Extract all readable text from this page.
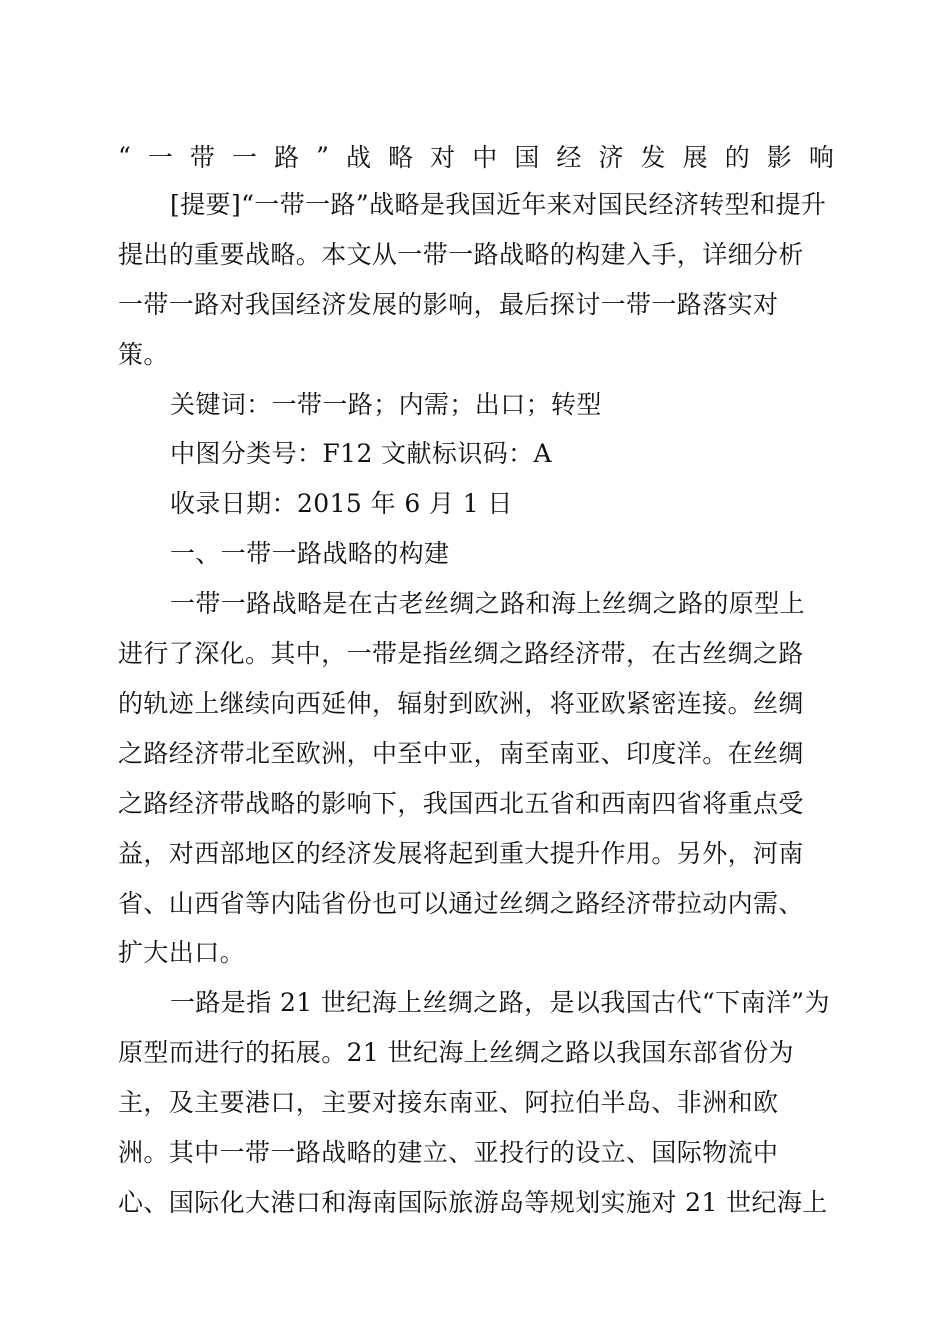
“ 一 带 一 路 ” 战 略 对 中 国 经 济 发 展 的 影 响

[提要]“一带一路”战略是我国近年来对国民经济转型和提升

提出的重要战略。本文从一带一路战略的构建入手，详细分析

一带一路对我国经济发展的影响，最后探讨一带一路落实对

策。

关键词：一带一路；内需；出口；转型

中图分类号：F12 文献标识码：A

收录日期：2015 年 6 月 1 日

一、一带一路战略的构建

一带一路战略是在古老丝绸之路和海上丝绸之路的原型上

进行了深化。其中，一带是指丝绸之路经济带，在古丝绸之路

的轨迹上继续向西延伸，辐射到欧洲，将亚欧紧密连接。丝绸

之路经济带北至欧洲，中至中亚，南至南亚、印度洋。在丝绸

之路经济带战略的影响下，我国西北五省和西南四省将重点受

益，对西部地区的经济发展将起到重大提升作用。另外，河南

省、山西省等内陆省份也可以通过丝绸之路经济带拉动内需、

扩大出口。

一路是指 21 世纪海上丝绸之路，是以我国古代“下南洋”为

原型而进行的拓展。21 世纪海上丝绸之路以我国东部省份为

主，及主要港口，主要对接东南亚、阿拉伯半岛、非洲和欧

洲。其中一带一路战略的建立、亚投行的设立、国际物流中

心、国际化大港口和海南国际旅游岛等规划实施对 21 世纪海上
